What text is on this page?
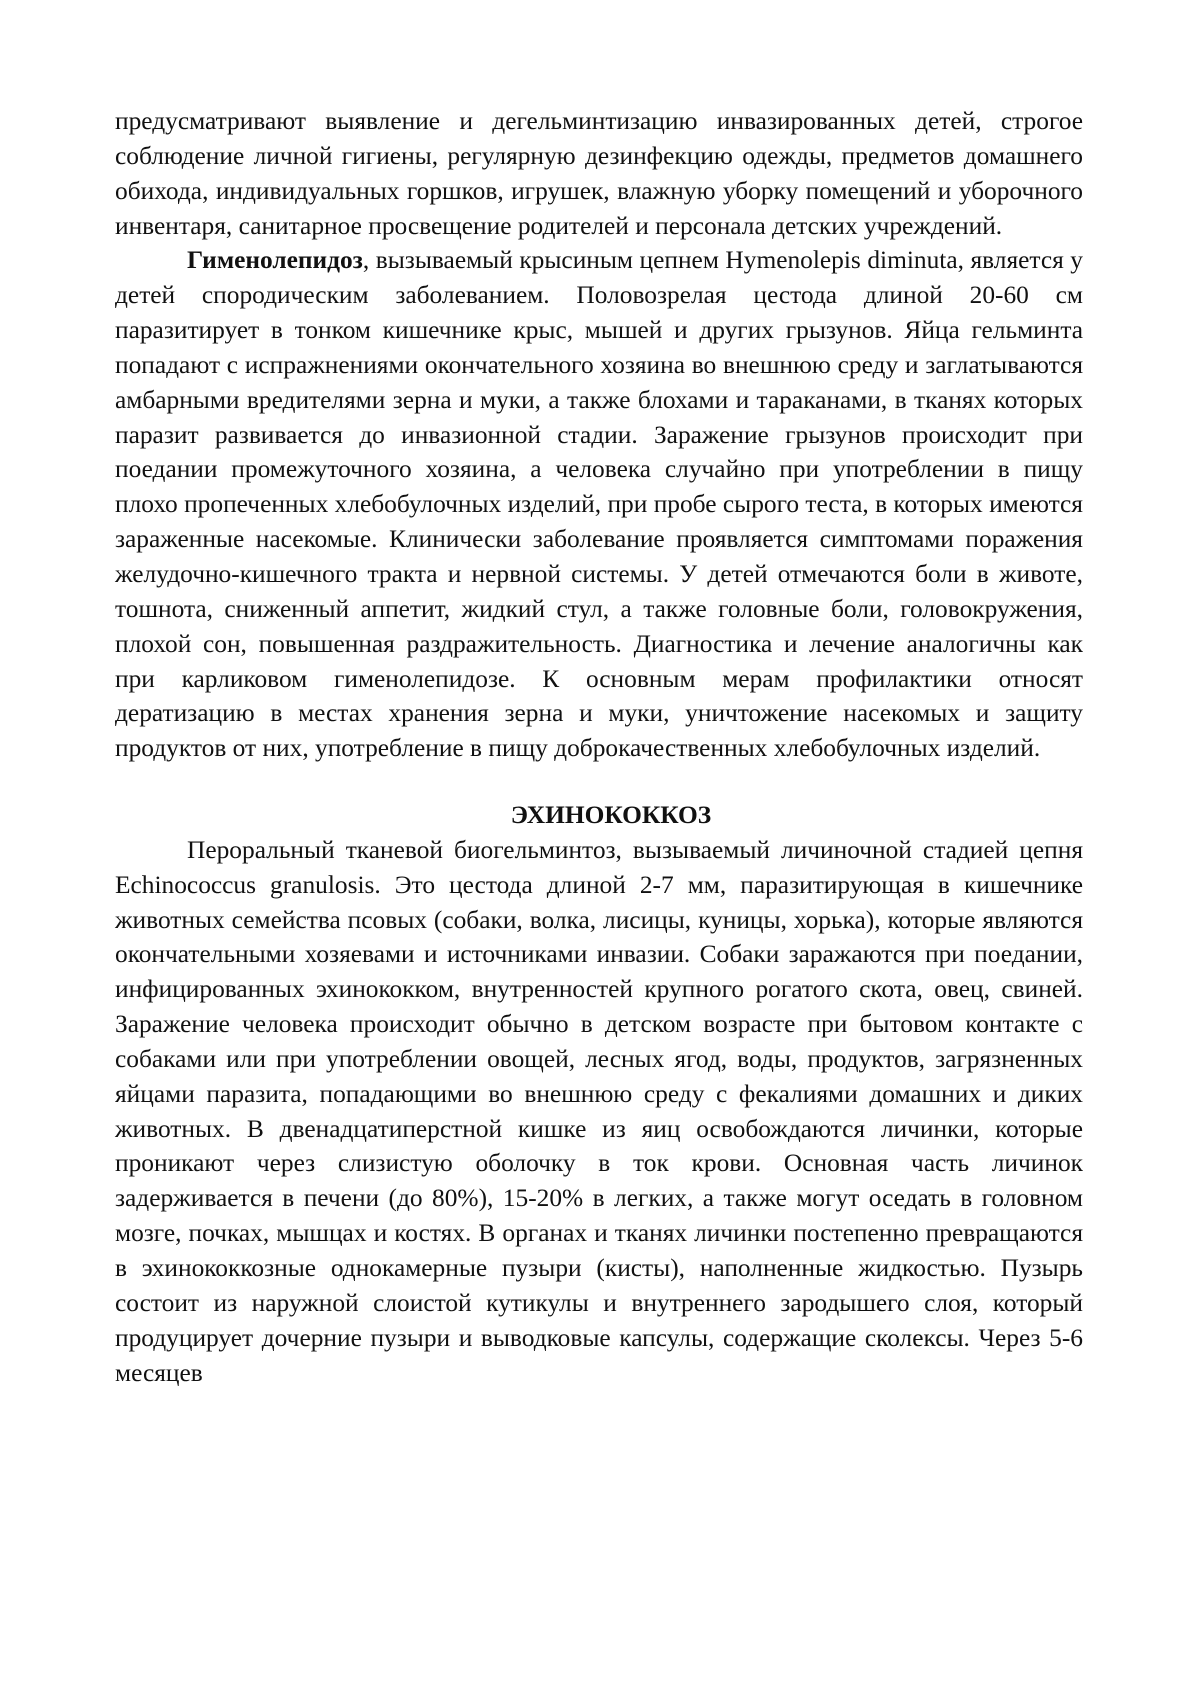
предусматривают выявление и дегельминтизацию инвазированных детей, строгое соблюдение личной гигиены, регулярную дезинфекцию одежды, предметов домашнего обихода, индивидуальных горшков, игрушек, влажную уборку помещений и уборочного инвентаря, санитарное просвещение родителей и персонала детских учреждений.

Гименолепидоз, вызываемый крысиным цепнем Hymenolepis diminuta, является у детей спородическим заболеванием. Половозрелая цестода длиной 20-60 см паразитирует в тонком кишечнике крыс, мышей и других грызунов. Яйца гельминта попадают с испражнениями окончательного хозяина во внешнюю среду и заглатываются амбарными вредителями зерна и муки, а также блохами и тараканами, в тканях которых паразит развивается до инвазионной стадии. Заражение грызунов происходит при поедании промежуточного хозяина, а человека случайно при употреблении в пищу плохо пропеченных хлебобулочных изделий, при пробе сырого теста, в которых имеются зараженные насекомые. Клинически заболевание проявляется симптомами поражения желудочно-кишечного тракта и нервной системы. У детей отмечаются боли в животе, тошнота, сниженный аппетит, жидкий стул, а также головные боли, головокружения, плохой сон, повышенная раздражительность. Диагностика и лечение аналогичны как при карликовом гименолепидозе. К основным мерам профилактики относят дератизацию в местах хранения зерна и муки, уничтожение насекомых и защиту продуктов от них, употребление в пищу доброкачественных хлебобулочных изделий.

ЭХИНОКОККОЗ

Пероральный тканевой биогельминтоз, вызываемый личиночной стадией цепня Echinococcus granulosis. Это цестода длиной 2-7 мм, паразитирующая в кишечнике животных семейства псовых (собаки, волка, лисицы, куницы, хорька), которые являются окончательными хозяевами и источниками инвазии. Собаки заражаются при поедании, инфицированных эхинококком, внутренностей крупного рогатого скота, овец, свиней. Заражение человека происходит обычно в детском возрасте при бытовом контакте с собаками или при употреблении овощей, лесных ягод, воды, продуктов, загрязненных яйцами паразита, попадающими во внешнюю среду с фекалиями домашних и диких животных. В двенадцатиперстной кишке из яиц освобождаются личинки, которые проникают через слизистую оболочку в ток крови. Основная часть личинок задерживается в печени (до 80%), 15-20% в легких, а также могут оседать в головном мозге, почках, мышцах и костях. В органах и тканях личинки постепенно превращаются в эхинококкозные однокамерные пузыри (кисты), наполненные жидкостью. Пузырь состоит из наружной слоистой кутикулы и внутреннего зародышего слоя, который продуцирует дочерние пузыри и выводковые капсулы, содержащие сколексы. Через 5-6 месяцев
